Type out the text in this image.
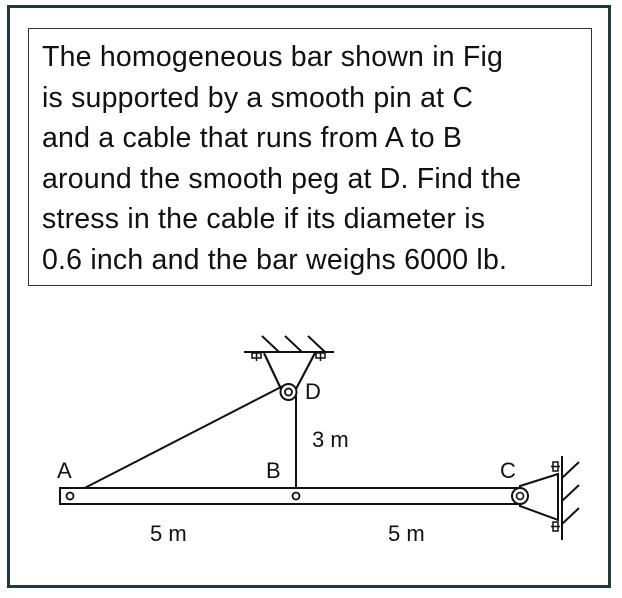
The homogeneous bar shown in Fig
is supported by a smooth pin at C
and a cable that runs from A to B
around the smooth peg at D. Find the
stress in the cable if its diameter is
0.6 inch and the bar weighs 6000 lb.
A	B	C
D
3 m
5 m	5 m
